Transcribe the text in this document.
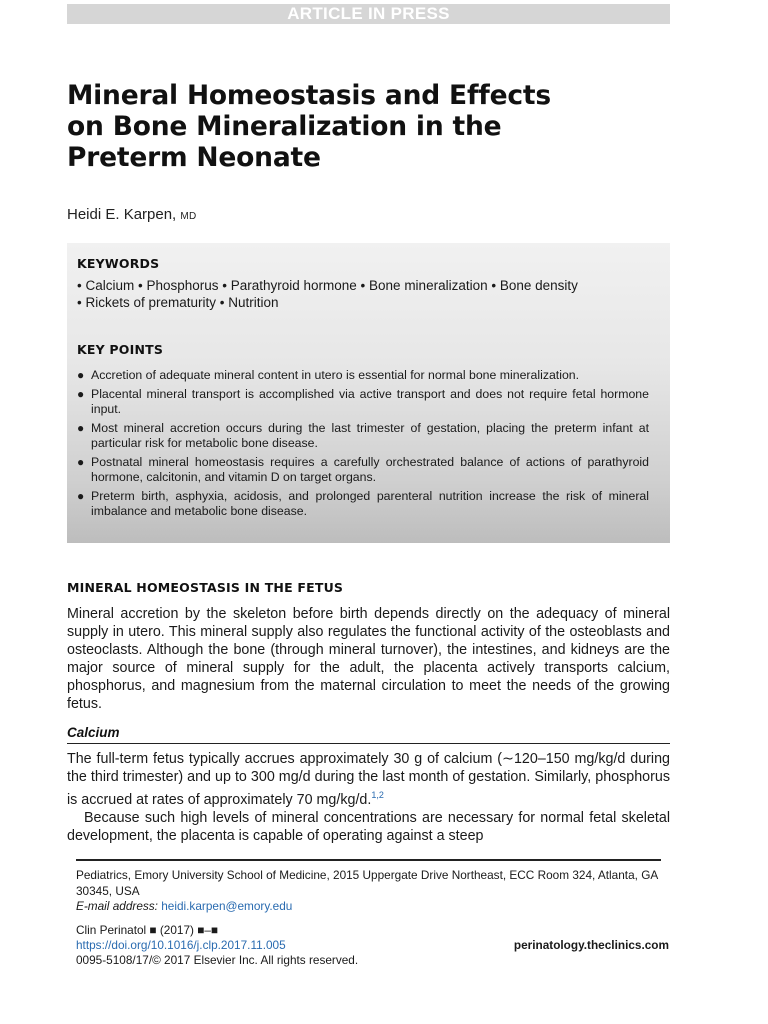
ARTICLE IN PRESS
Mineral Homeostasis and Effects
on Bone Mineralization in the
Preterm Neonate
Heidi E. Karpen, MD
KEYWORDS
• Calcium • Phosphorus • Parathyroid hormone • Bone mineralization • Bone density
• Rickets of prematurity • Nutrition
KEY POINTS
● Accretion of adequate mineral content in utero is essential for normal bone mineralization.
● Placental mineral transport is accomplished via active transport and does not require fetal hormone input.
● Most mineral accretion occurs during the last trimester of gestation, placing the preterm infant at particular risk for metabolic bone disease.
● Postnatal mineral homeostasis requires a carefully orchestrated balance of actions of parathyroid hormone, calcitonin, and vitamin D on target organs.
● Preterm birth, asphyxia, acidosis, and prolonged parenteral nutrition increase the risk of mineral imbalance and metabolic bone disease.
MINERAL HOMEOSTASIS IN THE FETUS

Mineral accretion by the skeleton before birth depends directly on the adequacy of mineral supply in utero. This mineral supply also regulates the functional activity of the osteoblasts and osteoclasts. Although the bone (through mineral turnover), the intestines, and kidneys are the major source of mineral supply for the adult, the placenta actively transports calcium, phosphorus, and magnesium from the maternal circulation to meet the needs of the growing fetus.

Calcium

The full-term fetus typically accrues approximately 30 g of calcium (∼120–150 mg/kg/d during the third trimester) and up to 300 mg/d during the last month of gestation. Similarly, phosphorus is accrued at rates of approximately 70 mg/kg/d.$^{1,2}$
Because such high levels of mineral concentrations are necessary for normal fetal skeletal development, the placenta is capable of operating against a steep

Pediatrics, Emory University School of Medicine, 2015 Uppergate Drive Northeast, ECC Room 324, Atlanta, GA 30345, USA
E-mail address: heidi.karpen@emory.edu
Clin Perinatol ■ (2017) ■–■
https://doi.org/10.1016/j.clp.2017.11.005
0095-5108/17/© 2017 Elsevier Inc. All rights reserved.
perinatology.theclinics.com
